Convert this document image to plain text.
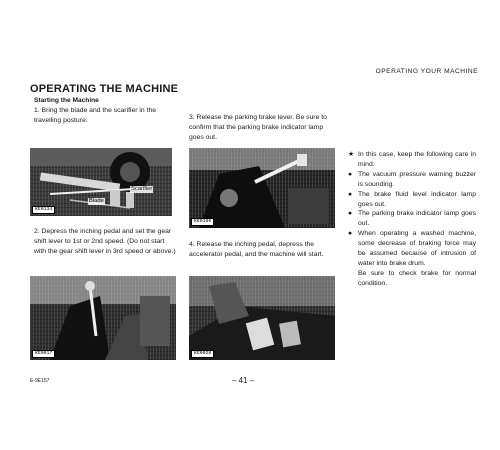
OPERATING YOUR MACHINE
OPERATING THE MACHINE
Starting the Machine
1. Bring the blade and the scarifier in the travelling posture.
Scarifier
Blade
KE0134
2. Depress the inching pedal and set the gear shift lever to 1st or 2nd speed. (Do not start with the gear shift lever in 3rd speed or above.)
KE0017
3. Release the parking brake lever. Be sure to confirm that the parking brake indicator lamp goes out.
KE0166
4. Release the inching pedal, depress the accelerator pedal, and the machine will start.
KE0028
★ In this case, keep the following care in mind.
● The vacuum pressure warning buzzer is sounding.
● The brake fluid level indicator lamp goes out.
● The parking brake indicator lamp goes out.
● When operating a washed machine, some decrease of braking force may be assumed because of intrusion of water into brake drum.
Be sure to check brake for normal condition.
E-9E157	– 41 –
